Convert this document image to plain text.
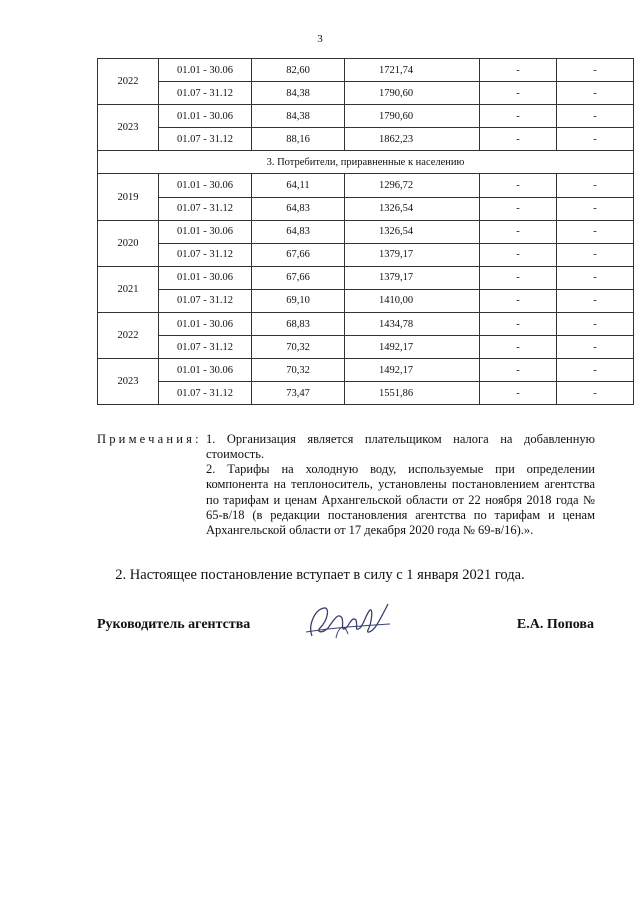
3
2022	01.01 - 30.06	82,60	1721,74	-	-
	01.07 - 31.12	84,38	1790,60	-	-
2023	01.01 - 30.06	84,38	1790,60	-	-
	01.07 - 31.12	88,16	1862,23	-	-
3. Потребители, приравненные к населению					
2019	01.01 - 30.06	64,11	1296,72	-	-
	01.07 - 31.12	64,83	1326,54	-	-
2020	01.01 - 30.06	64,83	1326,54	-	-
	01.07 - 31.12	67,66	1379,17	-	-
2021	01.01 - 30.06	67,66	1379,17	-	-
	01.07 - 31.12	69,10	1410,00	-	-
2022	01.01 - 30.06	68,83	1434,78	-	-
	01.07 - 31.12	70,32	1492,17	-	-
2023	01.01 - 30.06	70,32	1492,17	-	-
	01.07 - 31.12	73,47	1551,86	-	-
Примечания: 1. Организация является плательщиком налога на добавленную стоимость.
2. Тарифы на холодную воду, используемые при определении компонента на теплоноситель, установлены постановлением агентства по тарифам и ценам Архангельской области от 22 ноября 2018 года № 65-в/18 (в редакции постановления агентства по тарифам и ценам Архангельской области от 17 декабря 2020 года № 69-в/16).».
2. Настоящее постановление вступает в силу с 1 января 2021 года.
Руководитель агентства	Е.А. Попова
